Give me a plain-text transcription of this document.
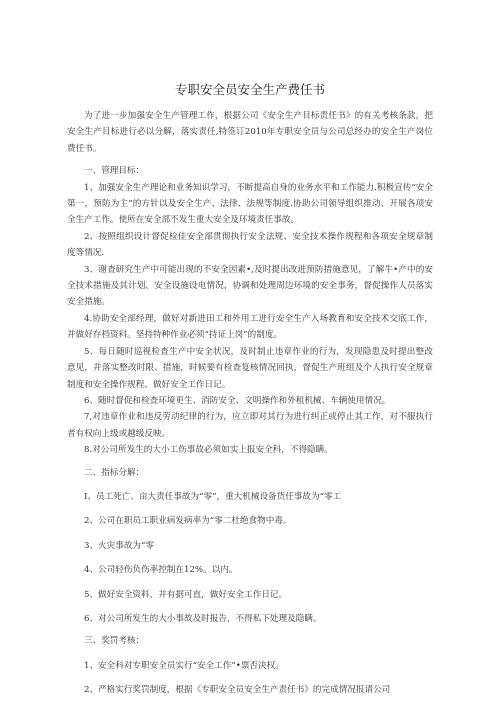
专职安全员安全生产费任书

为了进一步加强安全生产管理工作，根据公司《安全生产目标责任书》的有关考核条款，把安全生产目标进行必以分解，落实责任,特签订2010年专职安全员与公司总经办的安全生产岗位费任书。

一、管理目标：

1、加强安全生产理论和业务知识学习，不断提高自身的业务水平和工作能力.积极宣传“安全第一，预防为主”的方针以及安全生产、法律、法规等制度.协助公司领导组织推动、开展各项安全生产工作。使所在安全部不发生重大安全及环境责任事故。

2、按照组织设计督促检佳安全部贯彻执行安全法规、安全技术操作规程和各项安全规章制度等情况.

3、谢查研究生产中可能出现的不安全因素•,及时提出改进预防措施意见，了解牛•产中的安全技术措施及其计划，安全设施设电情况，协调和处理周边环境的安全事务，督促操作人员落实安全措施。

4.协助安全部经理，做好对新进田工和外用工进行安全生产入场教育和安全技术交底工作，并做好存档资料。坚持特种作业必须“持证上岗”的制度。

5、每日随时巡视检查生产中安全状况，及时制止违章作业的行为，发现隐患及时提出整改意见，并落实整改时限、措施，时候要有检查复核情况回执，督促生产班组及个人执行安全规章制度和安全操作规程。做好安全工作日记。

6、随时督促和检查环境更生、消防安全、文明操作和外租机械、车辆使用情况。

7,对违章作业和违反劳动纪律的行为，应立即对其行为进行纠正或停止其工作，对不服执行者有权向上级或越级反映。

8.对公司所发生的大小工伤事故必须如实上报安全科，不得隐瞒。

二、指标分解：

I、员工死亡、亩大责任事故为“零”，重大机械设备货任事故为“零工

2、公司在职员工职业病发病率为“零二杜绝食物中毒。

3、火灾事故为“零

4、公司轻伤负伤率控制在12%。以内。

5、做好安全资料，并有据可直，做好安全工作日记。

6、对公司所发生的大小事故及时报告，不得私下处理及隐瞒。

三、奖罚考核：

1、安全科对专职安全员实行“安全工作”•票否决权。

2、严格实行奖罚制度，根据《专职安全员安全生产责任书》的完成情况报请公司
